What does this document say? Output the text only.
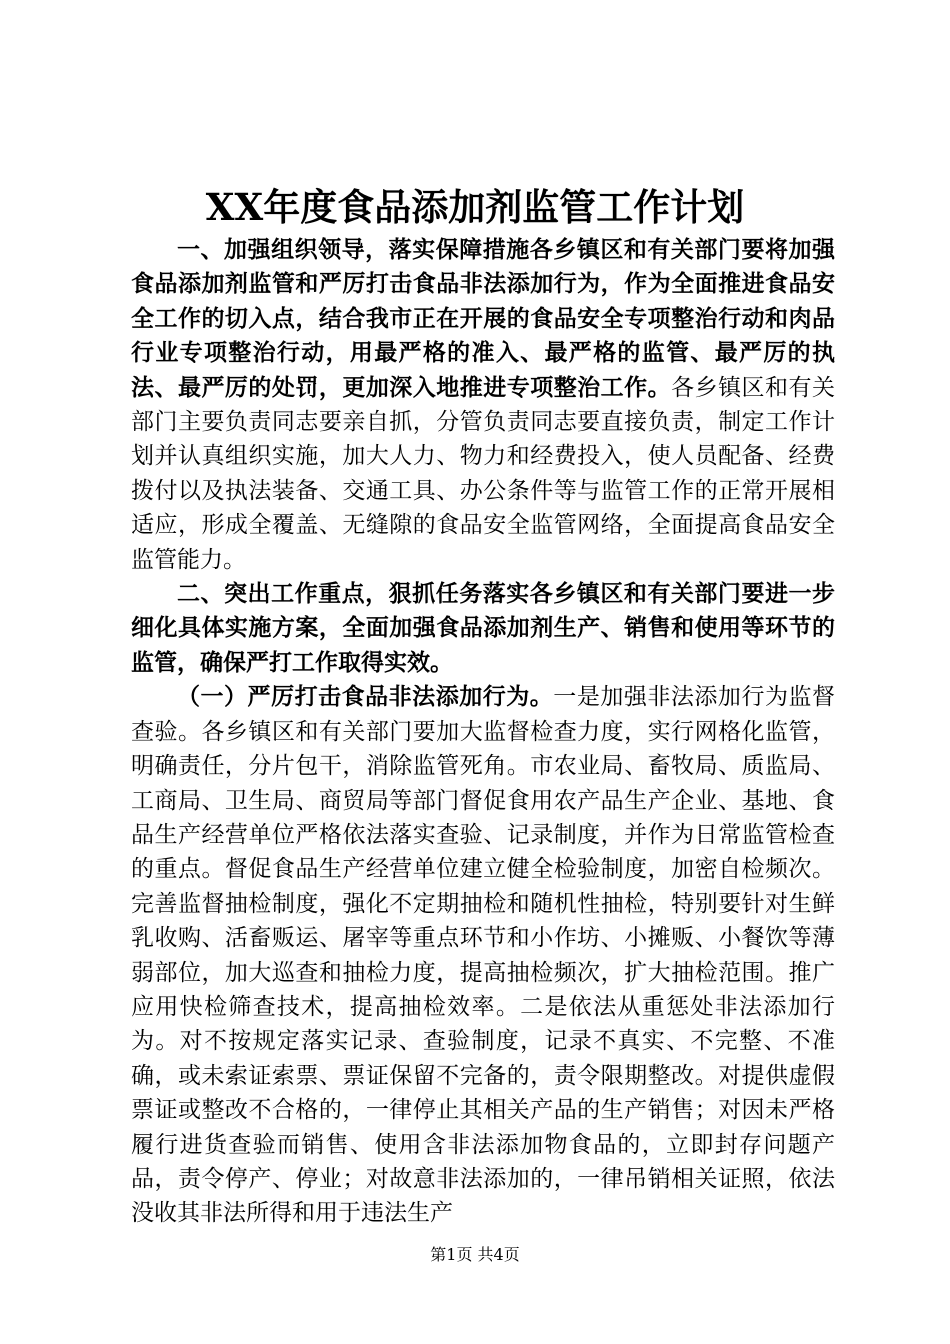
XX年度食品添加剂监管工作计划

一、加强组织领导，落实保障措施各乡镇区和有关部门要将加强食品添加剂监管和严厉打击食品非法添加行为，作为全面推进食品安全工作的切入点，结合我市正在开展的食品安全专项整治行动和肉品行业专项整治行动，用最严格的准入、最严格的监管、最严厉的执法、最严厉的处罚，更加深入地推进专项整治工作。各乡镇区和有关部门主要负责同志要亲自抓，分管负责同志要直接负责，制定工作计划并认真组织实施，加大人力、物力和经费投入，使人员配备、经费拨付以及执法装备、交通工具、办公条件等与监管工作的正常开展相适应，形成全覆盖、无缝隙的食品安全监管网络，全面提高食品安全监管能力。

二、突出工作重点，狠抓任务落实各乡镇区和有关部门要进一步细化具体实施方案，全面加强食品添加剂生产、销售和使用等环节的监管，确保严打工作取得实效。

（一）严厉打击食品非法添加行为。一是加强非法添加行为监督查验。各乡镇区和有关部门要加大监督检查力度，实行网格化监管，明确责任，分片包干，消除监管死角。市农业局、畜牧局、质监局、工商局、卫生局、商贸局等部门督促食用农产品生产企业、基地、食品生产经营单位严格依法落实查验、记录制度，并作为日常监管检查的重点。督促食品生产经营单位建立健全检验制度，加密自检频次。完善监督抽检制度，强化不定期抽检和随机性抽检，特别要针对生鲜乳收购、活畜贩运、屠宰等重点环节和小作坊、小摊贩、小餐饮等薄弱部位，加大巡查和抽检力度，提高抽检频次，扩大抽检范围。推广应用快检筛查技术，提高抽检效率。二是依法从重惩处非法添加行为。对不按规定落实记录、查验制度，记录不真实、不完整、不准确，或未索证索票、票证保留不完备的，责令限期整改。对提供虚假票证或整改不合格的，一律停止其相关产品的生产销售；对因未严格履行进货查验而销售、使用含非法添加物食品的，立即封存问题产品，责令停产、停业；对故意非法添加的，一律吊销相关证照，依法没收其非法所得和用于违法生产

第1页 共4页
